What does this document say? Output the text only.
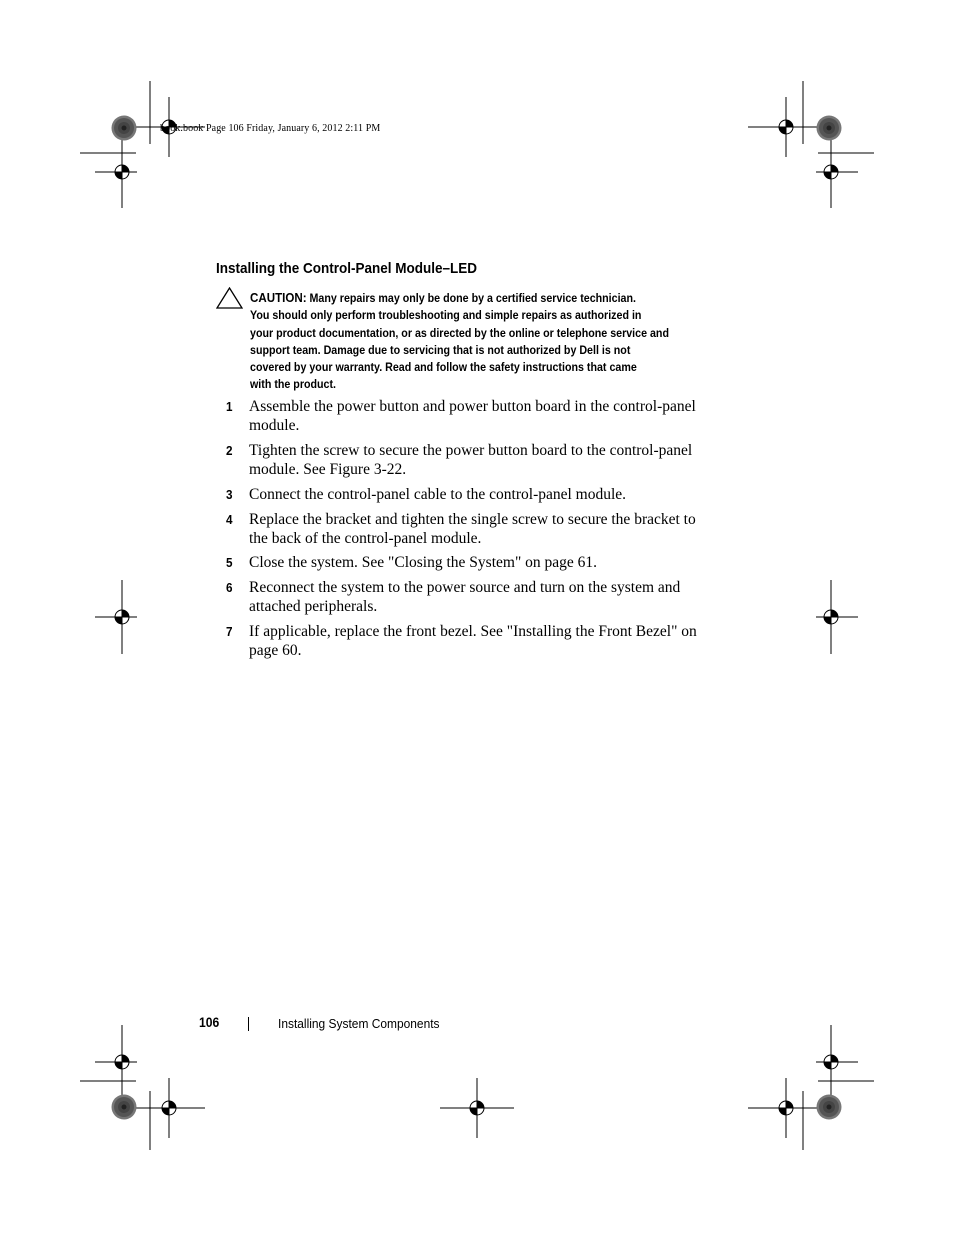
book.book Page 106 Friday, January 6, 2012 2:11 PM
Installing the Control-Panel Module–LED
CAUTION: Many repairs may only be done by a certified service technician.
You should only perform troubleshooting and simple repairs as authorized in
your product documentation, or as directed by the online or telephone service and
support team. Damage due to servicing that is not authorized by Dell is not
covered by your warranty. Read and follow the safety instructions that came
with the product.
1 Assemble the power button and power button board in the control-panel
module.
2 Tighten the screw to secure the power button board to the control-panel
module. See Figure 3-22.
3 Connect the control-panel cable to the control-panel module.
4 Replace the bracket and tighten the single screw to secure the bracket to
the back of the control-panel module.
5 Close the system. See "Closing the System" on page 61.
6 Reconnect the system to the power source and turn on the system and
attached peripherals.
7 If applicable, replace the front bezel. See "Installing the Front Bezel" on
page 60.
106	Installing System Components
